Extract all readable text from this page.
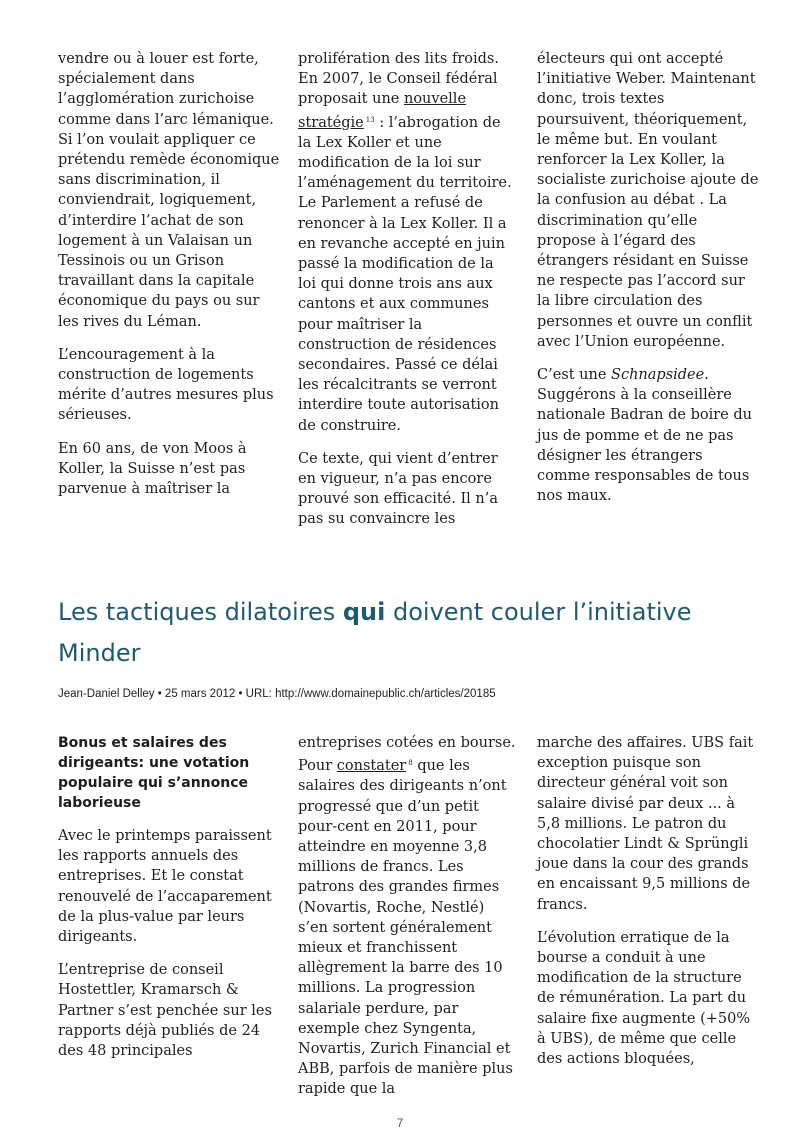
vendre ou à louer est forte, spécialement dans l’agglomération zurichoise comme dans l’arc lémanique. Si l’on voulait appliquer ce prétendu remède économique sans discrimination, il conviendrait, logiquement, d’interdire l’achat de son logement à un Valaisan un Tessinois ou un Grison travaillant dans la capitale économique du pays ou sur les rives du Léman.

L’encouragement à la construction de logements mérite d’autres mesures plus sérieuses.

En 60 ans, de von Moos à Koller, la Suisse n’est pas parvenue à maîtriser la

prolifération des lits froids. En 2007, le Conseil fédéral proposait une nouvelle stratégie $^{13}$ : l’abrogation de la Lex Koller et une modification de la loi sur l’aménagement du territoire. Le Parlement a refusé de renoncer à la Lex Koller. Il a en revanche accepté en juin passé la modification de la loi qui donne trois ans aux cantons et aux communes pour maîtriser la construction de résidences secondaires. Passé ce délai les récalcitrants se verront interdire toute autorisation de construire.

Ce texte, qui vient d’entrer en vigueur, n’a pas encore prouvé son efficacité. Il n’a pas su convaincre les

électeurs qui ont accepté l’initiative Weber. Maintenant donc, trois textes poursuivent, théoriquement, le même but. En voulant renforcer la Lex Koller, la socialiste zurichoise ajoute de la confusion au débat . La discrimination qu’elle propose à l’égard des étrangers résidant en Suisse ne respecte pas l’accord sur la libre circulation des personnes et ouvre un conflit avec l’Union européenne.

C’est une Schnapsidee. Suggérons à la conseillère nationale Badran de boire du jus de pomme et de ne pas désigner les étrangers comme responsables de tous nos maux.

Les tactiques dilatoires qui doivent couler l’initiative Minder
Jean-Daniel Delley • 25 mars 2012 • URL: http://www.domainepublic.ch/articles/20185
Bonus et salaires des dirigeants: une votation populaire qui s’annonce laborieuse

Avec le printemps paraissent les rapports annuels des entreprises. Et le constat renouvelé de l’accaparement de la plus-value par leurs dirigeants.

L’entreprise de conseil Hostettler, Kramarsch & Partner s’est penchée sur les rapports déjà publiés de 24 des 48 principales

entreprises cotées en bourse. Pour constater $^8$ que les salaires des dirigeants n’ont progressé que d’un petit pour-cent en 2011, pour atteindre en moyenne 3,8 millions de francs. Les patrons des grandes firmes (Novartis, Roche, Nestlé) s’en sortent généralement mieux et franchissent allègrement la barre des 10 millions. La progression salariale perdure, par exemple chez Syngenta, Novartis, Zurich Financial et ABB, parfois de manière plus rapide que la

marche des affaires. UBS fait exception puisque son directeur général voit son salaire divisé par deux ... à 5,8 millions. Le patron du chocolatier Lindt & Sprüngli joue dans la cour des grands en encaissant 9,5 millions de francs.

L’évolution erratique de la bourse a conduit à une modification de la structure de rémunération. La part du salaire fixe augmente (+50% à UBS), de même que celle des actions bloquées,

7
